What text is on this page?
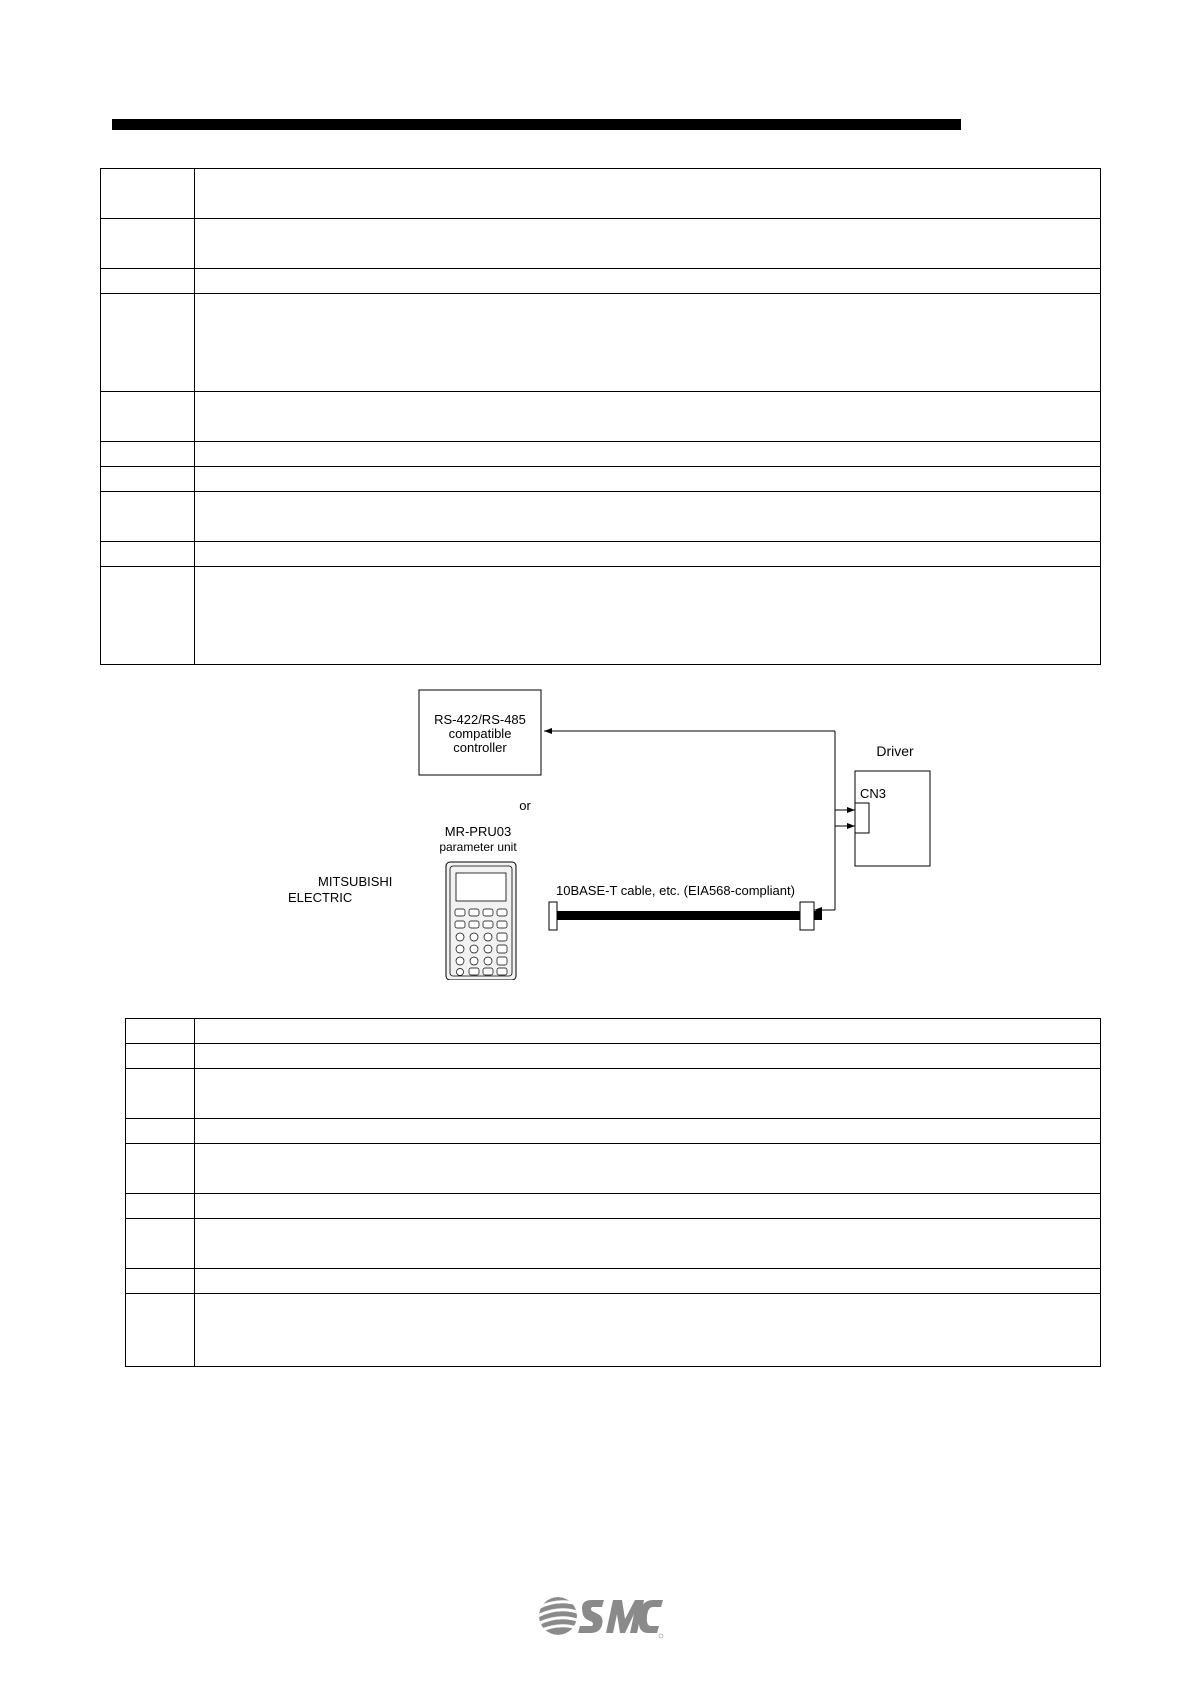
RS-422/RS-485
compatible
controller
or
MR-PRU03
parameter unit
MITSUBISHI
ELECTRIC	10BASE-T cable, etc. (EIA568-compliant)
Driver
CN3
